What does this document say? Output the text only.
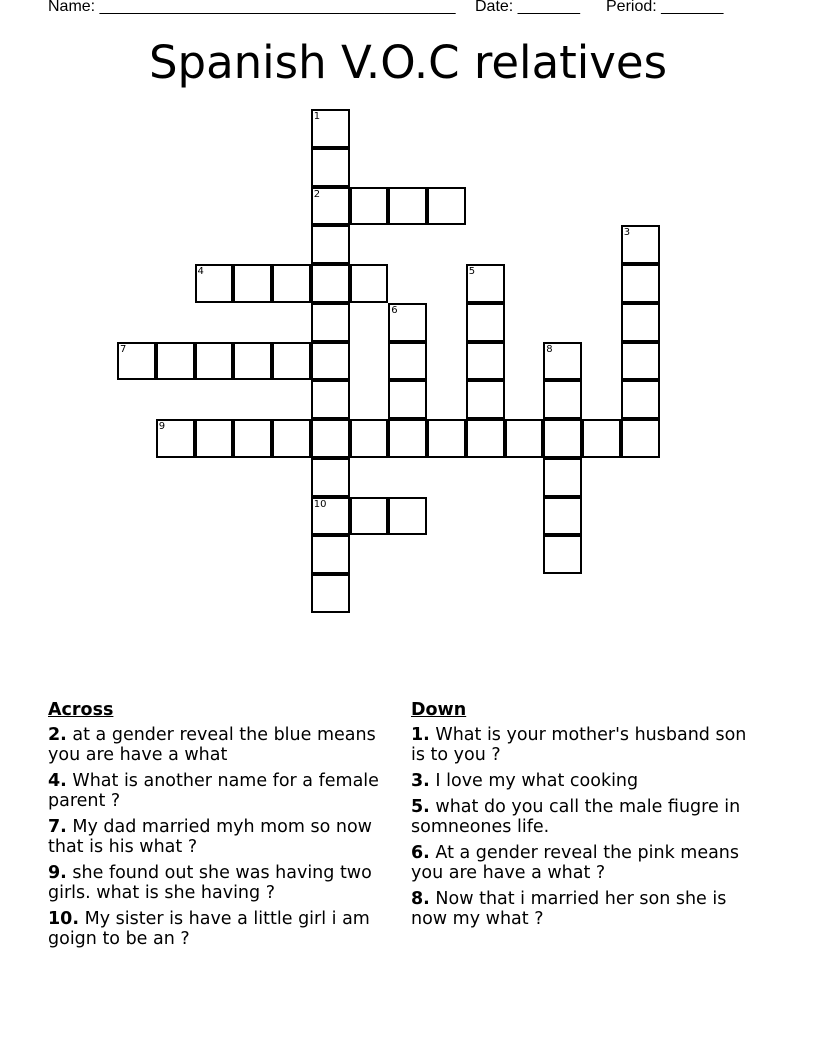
Name: ________________________________________ Date: _______ Period: _______
Spanish V.O.C relatives
1
2
10
3
4	5
6
7	8
9
Across
2. at a gender reveal the blue means you are have a what
4. What is another name for a female parent ?
7. My dad married myh mom so now that is his what ?
9. she found out she was having two girls. what is she having ?
10. My sister is have a little girl i am goign to be an ?
Down
1. What is your mother's husband son is to you ?
3. I love my what cooking
5. what do you call the male fiugre in somneones life.
6. At a gender reveal the pink means you are have a what ?
8. Now that i married her son she is now my what ?
